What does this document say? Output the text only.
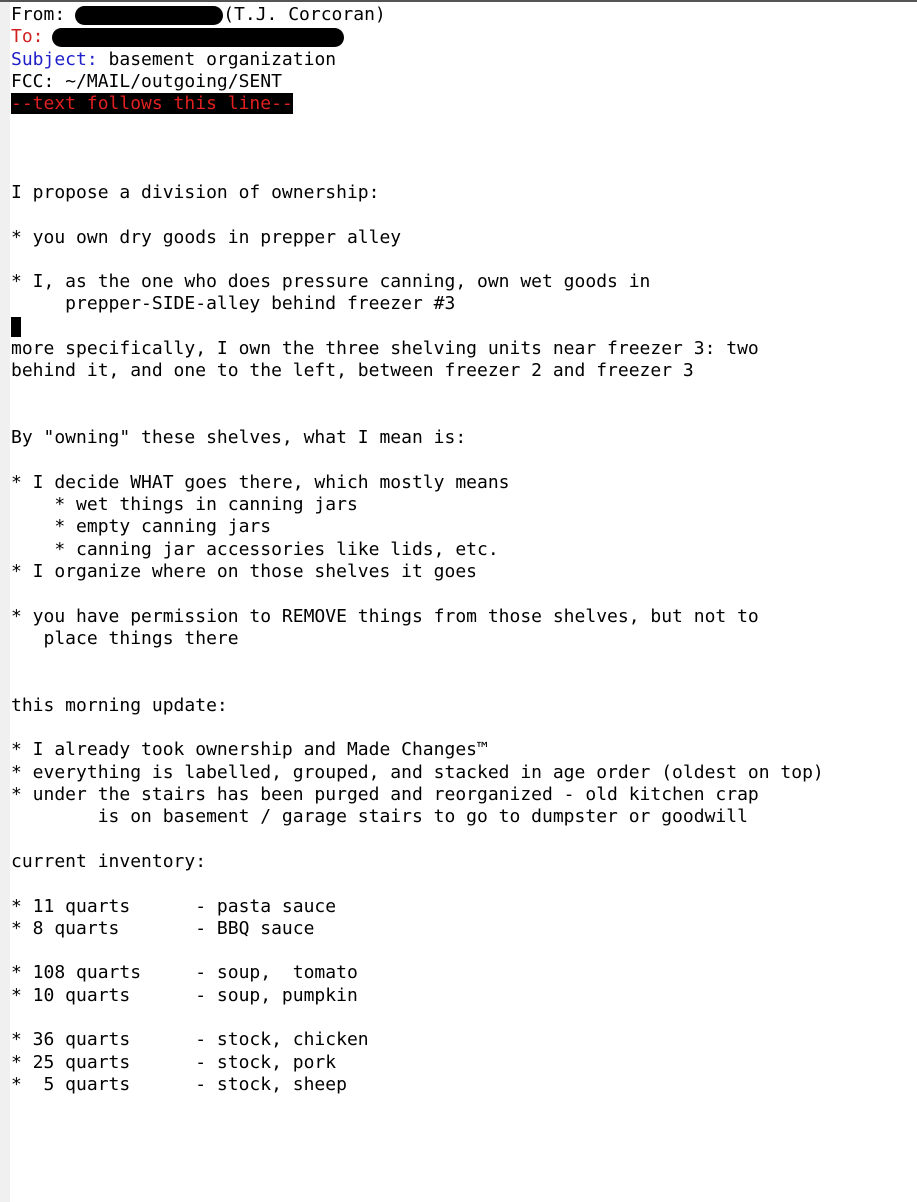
From:	(T.J. Corcoran)
To:
Subject: basement organization
FCC: ~/MAIL/outgoing/SENT
--text follows this line--
I propose a division of ownership:
* you own dry goods in prepper alley
* I, as the one who does pressure canning, own wet goods in
prepper-SIDE-alley behind freezer #3
more specifically, I own the three shelving units near freezer 3: two
behind it, and one to the left, between freezer 2 and freezer 3
By "owning" these shelves, what I mean is:
* I decide WHAT goes there, which mostly means
* wet things in canning jars
* empty canning jars
* canning jar accessories like lids, etc.
* I organize where on those shelves it goes
* you have permission to REMOVE things from those shelves, but not to
place things there
this morning update:
* I already took ownership and Made Changes™
* everything is labelled, grouped, and stacked in age order (oldest on top)
* under the stairs has been purged and reorganized - old kitchen crap
is on basement / garage stairs to go to dumpster or goodwill
current inventory:
* 11 quarts      - pasta sauce
* 8 quarts       - BBQ sauce
* 108 quarts     - soup,  tomato
* 10 quarts      - soup, pumpkin
* 36 quarts      - stock, chicken
* 25 quarts      - stock, pork
*  5 quarts      - stock, sheep
